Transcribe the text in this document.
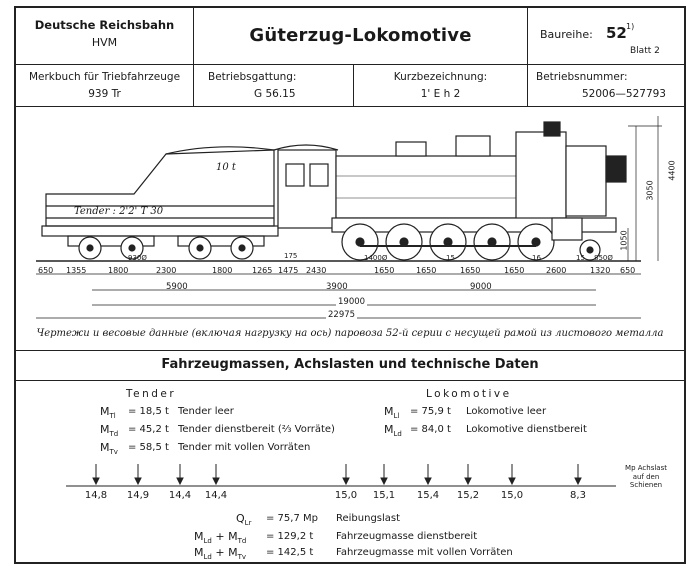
Deutsche Reichsbahn
HVM	Güterzug-Lokomotive	Baureihe: 52 1)
Blatt 2
Merkbuch für Triebfahrzeuge
939 Tr
Betriebsgattung:
G 56.15
Kurzbezeichnung:
1' E h 2
Betriebsnummer:
52006—527793
Tender : 2'2' T 30
10 t
3050
4400
1050
650 1355	1800	2300	1800 1265 1475 2430	1650	1650	1650	1650	2600	1320 650
930Ø	175	1400Ø	15	16	850Ø
15
5900	3900	9000
19000
22975
Чертежи и весовые данные (включая нагрузку на ось) паровоза 52-й серии с несущей рамой из листового металла
Fahrzeugmassen, Achslasten und technische Daten
Tender
$M_{Tl} = 18,5$ t Tender leer
$M_{Td} = 45,2$ t Tender dienstbereit (⅔ Vorräte)
$M_{Tv} = 58,5$ t Tender mit vollen Vorräten
Lokomotive
$M_{Ll} = 75,9$ t Lokomotive leer
$M_{Ld} = 84,0$ t Lokomotive dienstbereit
14,8	14,9	14,4	14,4	15,0	15,1	15,4	15,2	15,0	8,3
Mp Achslast
auf den
Schienen
$Q_{Lr} = 75,7$ Mp Reibungslast
$M_{Ld} + M_{Td} = 129,2$ t Fahrzeugmasse dienstbereit
$M_{Ld} + M_{Tv} = 142,5$ t Fahrzeugmasse mit vollen Vorräten
